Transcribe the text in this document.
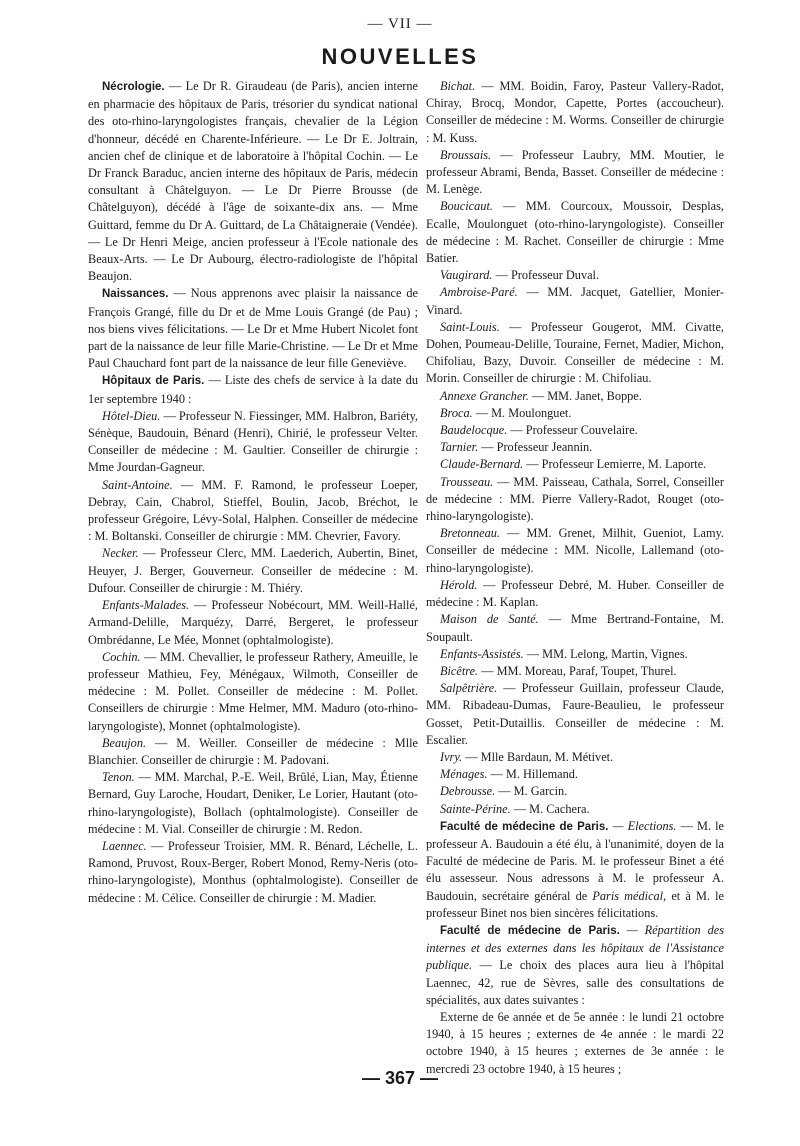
— VII —
NOUVELLES

Nécrologie. — Le Dr R. Giraudeau (de Paris), ancien interne en pharmacie des hôpitaux de Paris, trésorier du syndicat national des oto-rhino-laryngologistes français, chevalier de la Légion d'honneur, décédé en Charente-Inférieure. — Le Dr E. Joltrain, ancien chef de clinique et de laboratoire à l'hôpital Cochin. — Le Dr Franck Baraduc, ancien interne des hôpitaux de Paris, médecin consultant à Châtelguyon. — Le Dr Pierre Brousse (de Châtelguyon), décédé à l'âge de soixante-dix ans. — Mme Guittard, femme du Dr A. Guittard, de La Châtaigneraie (Vendée). — Le Dr Henri Meige, ancien professeur à l'Ecole nationale des Beaux-Arts. — Le Dr Aubourg, électro-radiologiste de l'hôpital Beaujon.

Naissances. — Nous apprenons avec plaisir la naissance de François Grangé, fille du Dr et de Mme Louis Grangé (de Pau) ; nos biens vives félicitations. — Le Dr et Mme Hubert Nicolet font part de la naissance de leur fille Marie-Christine. — Le Dr et Mme Paul Chauchard font part de la naissance de leur fille Geneviève.

Hôpitaux de Paris. — Liste des chefs de service à la date du 1er septembre 1940 :

Hôtel-Dieu. — Professeur N. Fiessinger, MM. Halbron, Bariéty, Sénèque, Baudouin, Bénard (Henri), Chirié, le professeur Velter. Conseiller de médecine : M. Gaultier. Conseiller de chirurgie : Mme Jourdan-Gagneur.

Saint-Antoine. — MM. F. Ramond, le professeur Loeper, Debray, Cain, Chabrol, Stieffel, Boulin, Jacob, Bréchot, le professeur Grégoire, Lévy-Solal, Halphen. Conseiller de médecine : M. Boltanski. Conseiller de chirurgie : MM. Chevrier, Favory.

Necker. — Professeur Clerc, MM. Laederich, Aubertin, Binet, Heuyer, J. Berger, Gouverneur. Conseiller de médecine : M. Dufour. Conseiller de chirurgie : M. Thiéry.

Enfants-Malades. — Professeur Nobécourt, MM. Weill-Hallé, Armand-Delille, Marquézy, Darré, Bergeret, le professeur Ombrédanne, Le Mée, Monnet (ophtalmologiste).

Cochin. — MM. Chevallier, le professeur Rathery, Ameuille, le professeur Mathieu, Fey, Ménégaux, Wilmoth, Conseiller de médecine : M. Pollet. Conseiller de médecine : M. Pollet. Conseillers de chirurgie : Mme Helmer, MM. Maduro (oto-rhino-laryngologiste), Monnet (ophtalmologiste).

Beaujon. — M. Weiller. Conseiller de médecine : Mlle Blanchier. Conseiller de chirurgie : M. Padovani.

Tenon. — MM. Marchal, P.-E. Weil, Brûlé, Lian, May, Étienne Bernard, Guy Laroche, Houdart, Deniker, Le Lorier, Hautant (oto-rhino-laryngologiste), Bollach (ophtalmologiste). Conseiller de médecine : M. Vial. Conseiller de chirurgie : M. Redon.

Laennec. — Professeur Troisier, MM. R. Bénard, Léchelle, L. Ramond, Pruvost, Roux-Berger, Robert Monod, Remy-Neris (oto-rhino-laryngologiste), Monthus (ophtalmologiste). Conseiller de médecine : M. Célice. Conseiller de chirurgie : M. Madier.

Bichat. — MM. Boidin, Faroy, Pasteur Vallery-Radot, Chiray, Brocq, Mondor, Capette, Portes (accoucheur). Conseiller de médecine : M. Worms. Conseiller de chirurgie : M. Kuss.

Broussais. — Professeur Laubry, MM. Moutier, le professeur Abrami, Benda, Basset. Conseiller de médecine : M. Lenège.

Boucicaut. — MM. Courcoux, Moussoir, Desplas, Ecalle, Moulonguet (oto-rhino-laryngologiste). Conseiller de médecine : M. Rachet. Conseiller de chirurgie : Mme Batier.

Vaugirard. — Professeur Duval.

Ambroise-Paré. — MM. Jacquet, Gatellier, Monier-Vinard.

Saint-Louis. — Professeur Gougerot, MM. Civatte, Dohen, Poumeau-Delille, Touraine, Fernet, Madier, Michon, Chifoliau, Bazy, Duvoir. Conseiller de médecine : M. Morin. Conseiller de chirurgie : M. Chifoliau.

Annexe Grancher. — MM. Janet, Boppe.

Broca. — M. Moulonguet.

Baudelocque. — Professeur Couvelaire.

Tarnier. — Professeur Jeannin.

Claude-Bernard. — Professeur Lemierre, M. Laporte.

Trousseau. — MM. Paisseau, Cathala, Sorrel, Conseiller de médecine : MM. Pierre Vallery-Radot, Rouget (oto-rhino-laryngologiste).

Bretonneau. — MM. Grenet, Milhit, Gueniot, Lamy. Conseiller de médecine : MM. Nicolle, Lallemand (oto-rhino-laryngologiste).

Hérold. — Professeur Debré, M. Huber. Conseiller de médecine : M. Kaplan.

Maison de Santé. — Mme Bertrand-Fontaine, M. Soupault.

Enfants-Assistés. — MM. Lelong, Martin, Vignes.

Bicêtre. — MM. Moreau, Paraf, Toupet, Thurel.

Salpêtrière. — Professeur Guillain, professeur Claude, MM. Ribadeau-Dumas, Faure-Beaulieu, le professeur Gosset, Petit-Dutaillis. Conseiller de médecine : M. Escalier.

Ivry. — Mlle Bardaun, M. Métivet.

Ménages. — M. Hillemand.

Debrousse. — M. Garcin.

Sainte-Périne. — M. Cachera.

Faculté de médecine de Paris. — Elections. — M. le professeur A. Baudouin a été élu, à l'unanimité, doyen de la Faculté de médecine de Paris. M. le professeur Binet a été élu assesseur. Nous adressons à M. le professeur A. Baudouin, secrétaire général de Paris médical, et à M. le professeur Binet nos bien sincères félicitations.

Faculté de médecine de Paris. — Répartition des internes et des externes dans les hôpitaux de l'Assistance publique. — Le choix des places aura lieu à l'hôpital Laennec, 42, rue de Sèvres, salle des consultations de spécialités, aux dates suivantes :

Externe de 6e année et de 5e année : le lundi 21 octobre 1940, à 15 heures ; externes de 4e année : le mardi 22 octobre 1940, à 15 heures ; externes de 3e année : le mercredi 23 octobre 1940, à 15 heures ;

— 367 —
